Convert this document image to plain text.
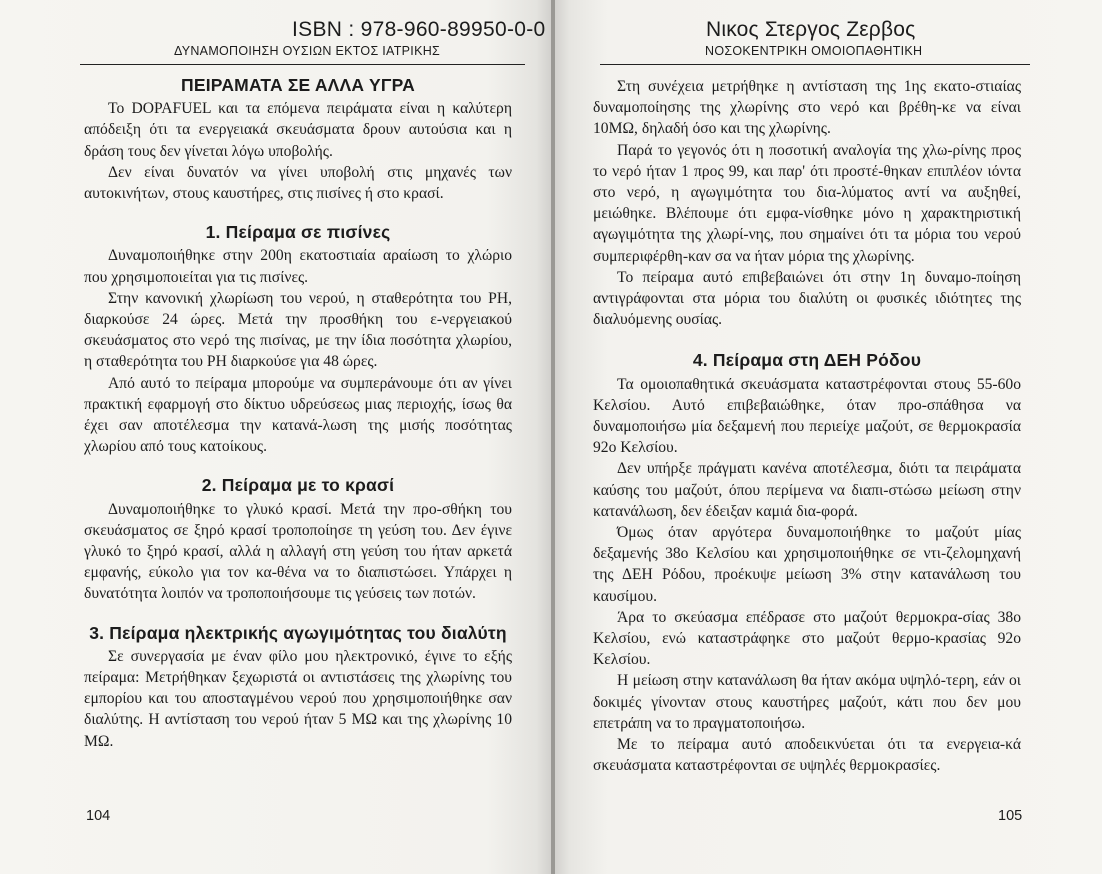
ISBN : 978-960-89950-0-0
ΔΥΝΑΜΟΠΟΙΗΣΗ ΟΥΣΙΩΝ ΕΚΤΟΣ ΙΑΤΡΙΚΗΣ
ΠΕΙΡΑΜΑΤΑ ΣΕ ΑΛΛΑ ΥΓΡΑ

Το DOPAFUEL και τα επόμενα πειράματα είναι η καλύτερη απόδειξη ότι τα ενεργειακά σκευάσματα δρουν αυτούσια και η δράση τους δεν γίνεται λόγω υποβολής.

Δεν είναι δυνατόν να γίνει υποβολή στις μηχανές των αυτοκινήτων, στους καυστήρες, στις πισίνες ή στο κρασί.

1. Πείραμα σε πισίνες

Δυναμοποιήθηκε στην 200η εκατοστιαία αραίωση το χλώριο που χρησιμοποιείται για τις πισίνες.

Στην κανονική χλωρίωση του νερού, η σταθερότητα του PH, διαρκούσε 24 ώρες. Μετά την προσθήκη του ε-νεργειακού σκευάσματος στο νερό της πισίνας, με την ίδια ποσότητα χλωρίου, η σταθερότητα του PH διαρκούσε για 48 ώρες.

Από αυτό το πείραμα μπορούμε να συμπεράνουμε ότι αν γίνει πρακτική εφαρμογή στο δίκτυο υδρεύσεως μιας περιοχής, ίσως θα έχει σαν αποτέλεσμα την κατανά-λωση της μισής ποσότητας χλωρίου από τους κατοίκους.

2. Πείραμα με το κρασί

Δυναμοποιήθηκε το γλυκό κρασί. Μετά την προ-σθήκη του σκευάσματος σε ξηρό κρασί τροποποίησε τη γεύση του. Δεν έγινε γλυκό το ξηρό κρασί, αλλά η αλλαγή στη γεύση του ήταν αρκετά εμφανής, εύκολο για τον κα-θένα να το διαπιστώσει. Υπάρχει η δυνατότητα λοιπόν να τροποποιήσουμε τις γεύσεις των ποτών.

3. Πείραμα ηλεκτρικής αγωγιμότητας του διαλύτη

Σε συνεργασία με έναν φίλο μου ηλεκτρονικό, έγινε το εξής πείραμα: Μετρήθηκαν ξεχωριστά οι αντιστάσεις της χλωρίνης του εμπορίου και του αποσταγμένου νερού που χρησιμοποιήθηκε σαν διαλύτης. Η αντίσταση του νερού ήταν 5 ΜΩ και της χλωρίνης 10 ΜΩ.

104
Νικος Στεργος Ζερβος
ΝΟΣΟΚΕΝΤΡΙΚΗ ΟΜΟΙΟΠΑΘΗΤΙΚΗ

Στη συνέχεια μετρήθηκε η αντίσταση της 1ης εκατο-στιαίας δυναμοποίησης της χλωρίνης στο νερό και βρέθη-κε να είναι 10ΜΩ, δηλαδή όσο και της χλωρίνης.

Παρά το γεγονός ότι η ποσοτική αναλογία της χλω-ρίνης προς το νερό ήταν 1 προς 99, και παρ' ότι προστέ-θηκαν επιπλέον ιόντα στο νερό, η αγωγιμότητα του δια-λύματος αντί να αυξηθεί, μειώθηκε. Βλέπουμε ότι εμφα-νίσθηκε μόνο η χαρακτηριστική αγωγιμότητα της χλωρί-νης, που σημαίνει ότι τα μόρια του νερού συμπεριφέρθη-καν σα να ήταν μόρια της χλωρίνης.

Το πείραμα αυτό επιβεβαιώνει ότι στην 1η δυναμο-ποίηση αντιγράφονται στα μόρια του διαλύτη οι φυσικές ιδιότητες της διαλυόμενης ουσίας.

4. Πείραμα στη ΔΕΗ Ρόδου

Τα ομοιοπαθητικά σκευάσματα καταστρέφονται στους 55-60ο Κελσίου. Αυτό επιβεβαιώθηκε, όταν προ-σπάθησα να δυναμοποιήσω μία δεξαμενή που περιείχε μαζούτ, σε θερμοκρασία 92ο Κελσίου.

Δεν υπήρξε πράγματι κανένα αποτέλεσμα, διότι τα πειράματα καύσης του μαζούτ, όπου περίμενα να διαπι-στώσω μείωση στην κατανάλωση, δεν έδειξαν καμιά δια-φορά.

Όμως όταν αργότερα δυναμοποιήθηκε το μαζούτ μίας δεξαμενής 38ο Κελσίου και χρησιμοποιήθηκε σε ντι-ζελομηχανή της ΔΕΗ Ρόδου, προέκυψε μείωση 3% στην κατανάλωση του καυσίμου.

Άρα το σκεύασμα επέδρασε στο μαζούτ θερμοκρα-σίας 38ο Κελσίου, ενώ καταστράφηκε στο μαζούτ θερμο-κρασίας 92ο Κελσίου.

Η μείωση στην κατανάλωση θα ήταν ακόμα υψηλό-τερη, εάν οι δοκιμές γίνονταν στους καυστήρες μαζούτ, κάτι που δεν μου επετράπη να το πραγματοποιήσω.

Με το πείραμα αυτό αποδεικνύεται ότι τα ενεργεια-κά σκευάσματα καταστρέφονται σε υψηλές θερμοκρασίες.

105
